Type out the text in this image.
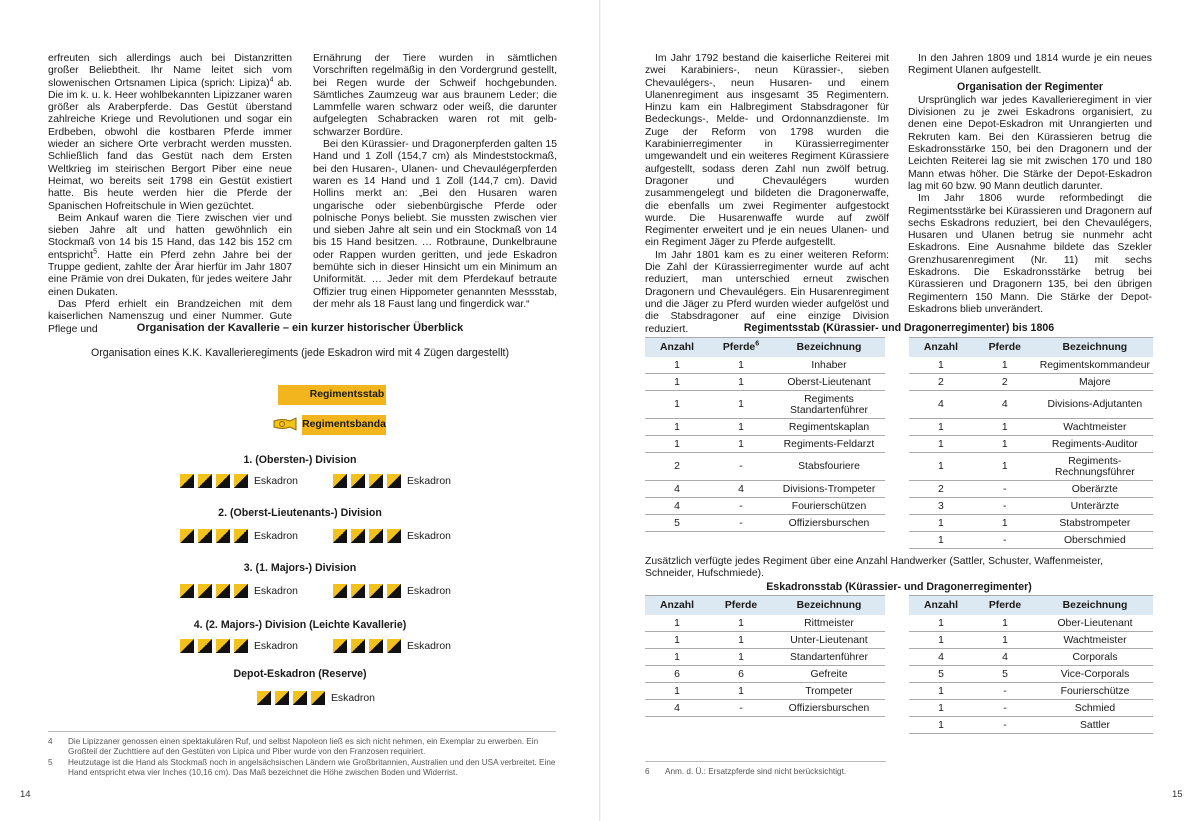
erfreuten sich allerdings auch bei Distanzritten großer Beliebtheit. Ihr Name leitet sich vom slowenischen Ortsnamen Lipica (sprich: Lipiza)$^4$ ab. Die im k. u. k. Heer wohlbekannten Lipizzaner waren größer als Araberpferde. Das Gestüt überstand zahlreiche Kriege und Revolutionen und sogar ein Erdbeben, obwohl die kostbaren Pferde immer wieder an sichere Orte verbracht werden mussten. Schließlich fand das Gestüt nach dem Ersten Weltkrieg im steirischen Bergort Piber eine neue Heimat, wo bereits seit 1798 ein Gestüt existiert hatte. Bis heute werden hier die Pferde der Spanischen Hofreitschule in Wien gezüchtet.

Beim Ankauf waren die Tiere zwischen vier und sieben Jahre alt und hatten gewöhnlich ein Stockmaß von 14 bis 15 Hand, das 142 bis 152 cm entspricht$^5$. Hatte ein Pferd zehn Jahre bei der Truppe gedient, zahlte der Ärar hierfür im Jahr 1807 eine Prämie von drei Dukaten, für jedes weitere Jahr einen Dukaten.

Das Pferd erhielt ein Brandzeichen mit dem kaiserlichen Namenszug und einer Nummer. Gute Pflege und

Ernährung der Tiere wurden in sämtlichen Vorschriften regelmäßig in den Vordergrund gestellt, bei Regen wurde der Schweif hochgebunden. Sämtliches Zaumzeug war aus braunem Leder; die Lammfelle waren schwarz oder weiß, die darunter aufgelegten Schabracken waren rot mit gelb-schwarzer Bordüre.

Bei den Kürassier- und Dragonerpferden galten 15 Hand und 1 Zoll (154,7 cm) als Mindeststockmaß, bei den Husaren-, Ulanen- und Chevaulégerpferden waren es 14 Hand und 1 Zoll (144,7 cm). David Hollins merkt an: „Bei den Husaren waren ungarische oder siebenbürgische Pferde oder polnische Ponys beliebt. Sie mussten zwischen vier und sieben Jahre alt sein und ein Stockmaß von 14 bis 15 Hand besitzen. … Rotbraune, Dunkelbraune oder Rappen wurden geritten, und jede Eskadron bemühte sich in dieser Hinsicht um ein Minimum an Uniformität. … Jeder mit dem Pferdekauf betraute Offizier trug einen Hippometer genannten Messstab, der mehr als 18 Faust lang und fingerdick war.“

Organisation der Kavallerie – ein kurzer historischer Überblick
Organisation eines K.K. Kavallerieregiments (jede Eskadron wird mit 4 Zügen dargestellt)
Regimentsstab
Regimentsbanda
1. (Obersten-) Division
Eskadron	Eskadron
2. (Oberst-Lieutenants-) Division
Eskadron	Eskadron
3. (1. Majors-) Division
Eskadron	Eskadron
4. (2. Majors-) Division (Leichte Kavallerie)
Eskadron	Eskadron
Depot-Eskadron (Reserve)
Eskadron
4 Die Lipizzaner genossen einen spektakulären Ruf, und selbst Napoleon ließ es sich nicht nehmen, ein Exemplar zu erwerben. Ein Großteil der Zuchttiere auf den Gestüten von Lipica und Piber wurde von den Franzosen requiriert.
5 Heutzutage ist die Hand als Stockmaß noch in angelsächsischen Ländern wie Großbritannien, Australien und den USA verbreitet. Eine Hand entspricht etwa vier Inches (10,16 cm). Das Maß bezeichnet die Höhe zwischen Boden und Widerrist.
14

Im Jahr 1792 bestand die kaiserliche Reiterei mit zwei Karabiniers-, neun Kürassier-, sieben Chevaulégers-, neun Husaren- und einem Ulanenregiment aus insgesamt 35 Regimentern. Hinzu kam ein Halbregiment Stabsdragoner für Bedeckungs-, Melde- und Ordonnanzdienste. Im Zuge der Reform von 1798 wurden die Karabinierregimenter in Kürassierregimenter umgewandelt und ein weiteres Regiment Kürassiere aufgestellt, sodass deren Zahl nun zwölf betrug. Dragoner und Chevaulégers wurden zusammengelegt und bildeten die Dragonerwaffe, die ebenfalls um zwei Regimenter aufgestockt wurde. Die Husarenwaffe wurde auf zwölf Regimenter erweitert und je ein neues Ulanen- und ein Regiment Jäger zu Pferde aufgestellt.

Im Jahr 1801 kam es zu einer weiteren Reform: Die Zahl der Kürassierregimenter wurde auf acht reduziert, man unterschied erneut zwischen Dragonern und Chevaulégers. Ein Husarenregiment und die Jäger zu Pferd wurden wieder aufgelöst und die Stabsdragoner auf eine einzige Division reduziert.

In den Jahren 1809 und 1814 wurde je ein neues Regiment Ulanen aufgestellt.

Organisation der Regimenter

Ursprünglich war jedes Kavallerieregiment in vier Divisionen zu je zwei Eskadrons organisiert, zu denen eine Depot-Eskadron mit Unrangierten und Rekruten kam. Bei den Kürassieren betrug die Eskadronsstärke 150, bei den Dragonern und der Leichten Reiterei lag sie mit zwischen 170 und 180 Mann etwas höher. Die Stärke der Depot-Eskadron lag mit 60 bzw. 90 Mann deutlich darunter.

Im Jahr 1806 wurde reformbedingt die Regimentsstärke bei Kürassieren und Dragonern auf sechs Eskadrons reduziert, bei den Chevaulégers, Husaren und Ulanen betrug sie nunmehr acht Eskadrons. Eine Ausnahme bildete das Szekler Grenzhusarenregiment (Nr. 11) mit sechs Eskadrons. Die Eskadronsstärke betrug bei Kürassieren und Dragonern 135, bei den übrigen Regimentern 150 Mann. Die Stärke der Depot-Eskadrons blieb unverändert.

Regimentsstab (Kürassier- und Dragonerregimenter) bis 1806
Anzahl	Pferde$^6$	Bezeichnung
1	1	Inhaber
1	1	Oberst-Lieutenant
1	1	Regiments Standartenführer
1	1	Regimentskaplan
1	1	Regiments-Feldarzt
2	-	Stabsfouriere
4	4	Divisions-Trompeter
4	-	Fourierschützen
5	-	Offiziersburschen
Anzahl	Pferde	Bezeichnung
1	1	Regimentskommandeur
2	2	Majore
4	4	Divisions-Adjutanten
1	1	Wachtmeister
1	1	Regiments-Auditor
1	1	Regiments- Rechnungsführer
2	-	Oberärzte
3	-	Unterärzte
1	1	Stabstrompeter
1	-	Oberschmied
Zusätzlich verfügte jedes Regiment über eine Anzahl Handwerker (Sattler, Schuster, Waffenmeister, Schneider, Hufschmiede).
Eskadronsstab (Kürassier- und Dragonerregimenter)
Anzahl	Pferde	Bezeichnung
1	1	Rittmeister
1	1	Unter-Lieutenant
1	1	Standartenführer
6	6	Gefreite
1	1	Trompeter
4	-	Offiziersburschen
Anzahl	Pferde	Bezeichnung
1	1	Ober-Lieutenant
1	1	Wachtmeister
4	4	Corporals
5	5	Vice-Corporals
1	-	Fourierschütze
1	-	Schmied
1	-	Sattler
6 Anm. d. Ü.: Ersatzpferde sind nicht berücksichtigt.
15
